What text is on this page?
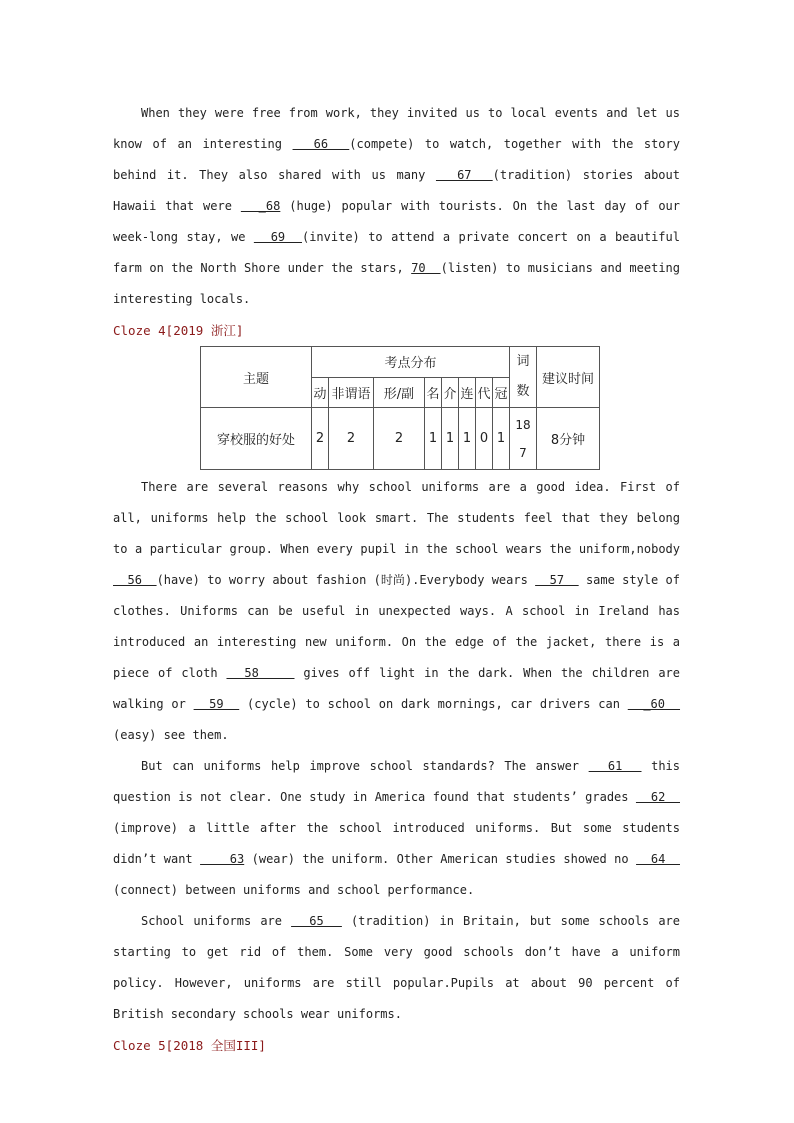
When they were free from work, they invited us to local events and let us know of an interesting   66  (compete) to watch, together with the story behind it. They also shared with us many   67  (tradition) stories about Hawaii that were   _68 (huge) popular with tourists. On the last day of our week-long stay, we   69  (invite) to attend a private concert on a beautiful farm on the North Shore under the stars, 70  (listen) to musicians and meeting interesting locals.

Cloze 4[2019 浙江]

主题	考点分布								词数	建议时间
	动	非谓语	形/副	名	介	连	代	冠		
穿校服的好处	2	2	2	1	1	1	0	1	187	8分钟

There are several reasons why school uniforms are a good idea. First of all, uniforms help the school look smart. The students feel that they belong to a particular group. When every pupil in the school wears the uniform,nobody   56  (have) to worry about fashion (时尚).Everybody wears   57   same style of clothes. Uniforms can be useful in unexpected ways. A school in Ireland has introduced an interesting new uniform. On the edge of the jacket, there is a piece of cloth   58     gives off light in the dark. When the children are walking or   59   (cycle) to school on dark mornings, car drivers can   _60   (easy) see them.

But can uniforms help improve school standards? The answer   61   this question is not clear. One study in America found that students’ grades   62   (improve) a little after the school introduced uniforms. But some students didn’t want     63 (wear) the uniform. Other American studies showed no   64   (connect) between uniforms and school performance.

School uniforms are   65   (tradition) in Britain, but some schools are starting to get rid of them. Some very good schools don’t have a uniform policy. However, uniforms are still popular.Pupils at about 90 percent of British secondary schools wear uniforms.

Cloze 5[2018 全国III]
